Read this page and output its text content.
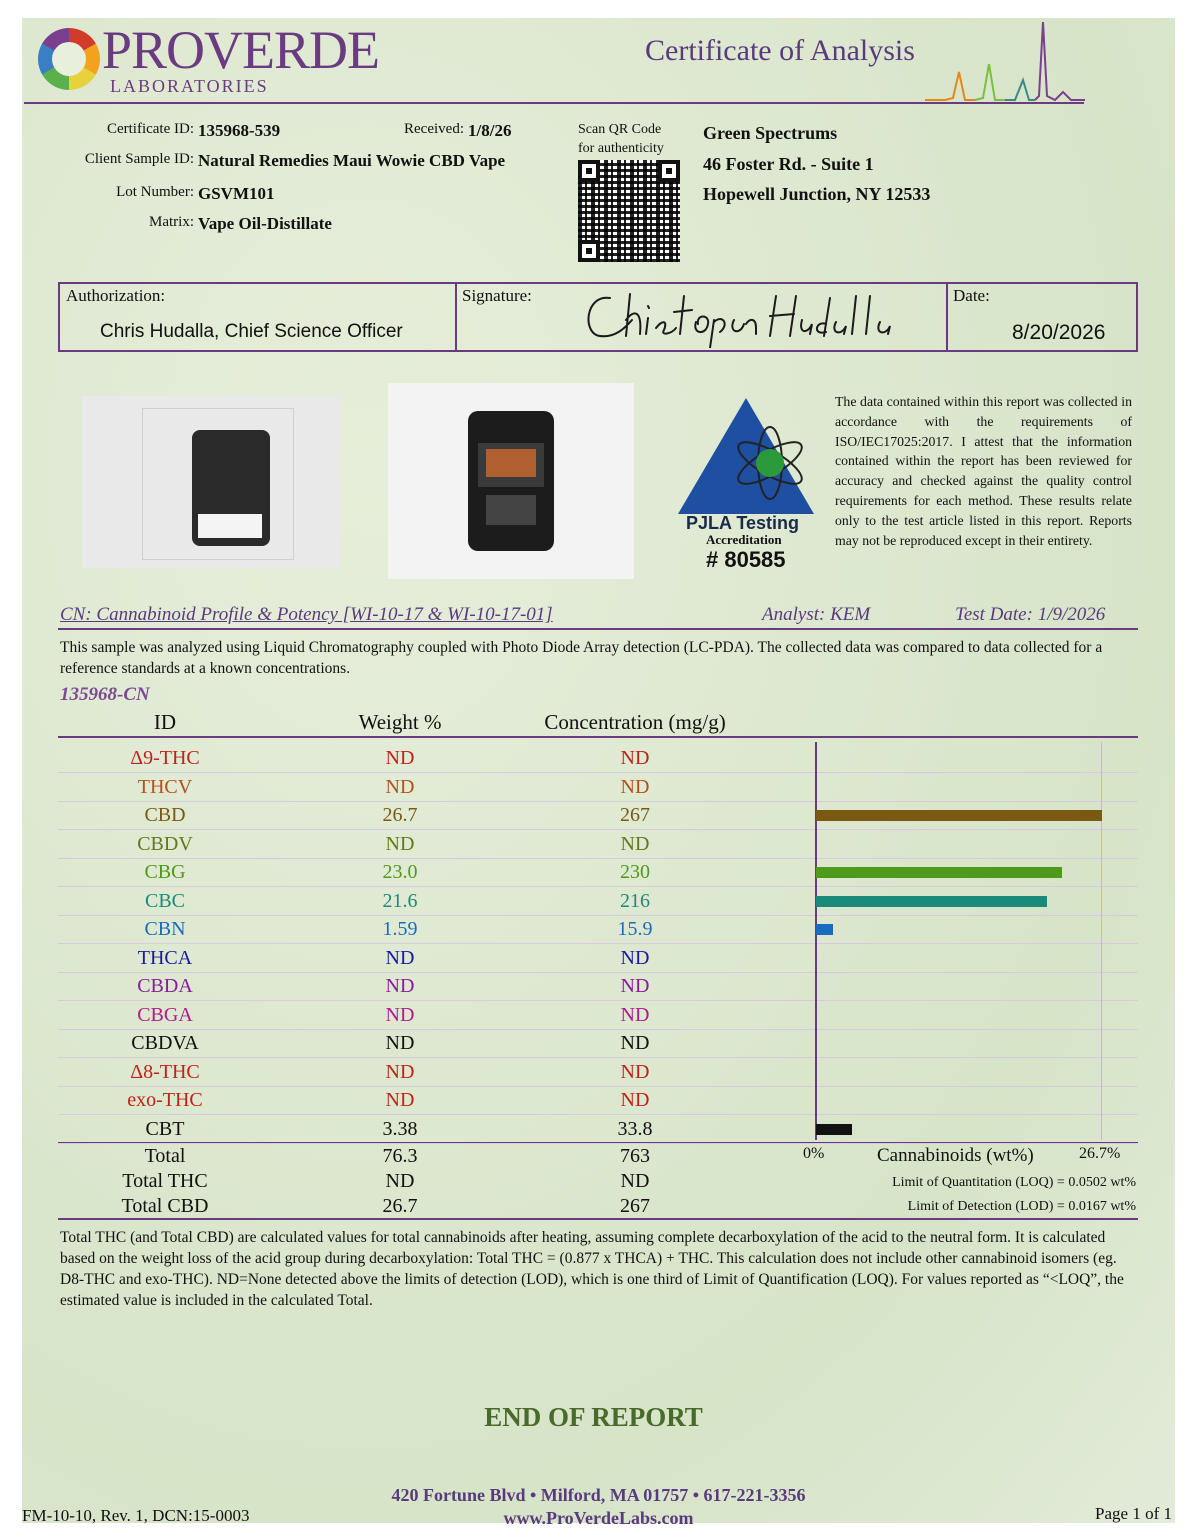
PROVERDE
LABORATORIES
Certificate of Analysis
Certificate ID: 135968-539	Received: 1/8/26
Client Sample ID: Natural Remedies Maui Wowie CBD Vape
Lot Number: GSVM101
Matrix: Vape Oil-Distillate
Scan QR Code
for authenticity
Green Spectrums
46 Foster Rd. - Suite 1
Hopewell Junction, NY 12533
Authorization:
Chris Hudalla, Chief Science Officer
Signature:	Date:
8/20/2026
PJLA Testing
Accreditation
# 80585
The data contained within this report was collected in accordance with the requirements of ISO/IEC17025:2017. I attest that the information contained within the report has been reviewed for accuracy and checked against the quality control requirements for each method. These results relate only to the test article listed in this report. Reports may not be reproduced except in their entirety.
CN: Cannabinoid Profile & Potency [WI-10-17 & WI-10-17-01]	Analyst: KEM	Test Date: 1/9/2026
This sample was analyzed using Liquid Chromatography coupled with Photo Diode Array detection (LC-PDA). The collected data was compared to data collected for a reference standards at a known concentrations.
135968-CN
ID	Weight %	Concentration (mg/g)
Δ9-THC	ND	ND
THCV	ND	ND
CBD	26.7	267
CBDV	ND	ND
CBG	23.0	230
CBC	21.6	216
CBN	1.59	15.9
THCA	ND	ND
CBDA	ND	ND
CBGA	ND	ND
CBDVA	ND	ND
Δ8-THC	ND	ND
exo-THC	ND	ND
CBT	3.38	33.8
Total	76.3	763
Total THC	ND	ND
Total CBD	26.7	267
0%	Cannabinoids (wt%)	26.7%
Limit of Quantitation (LOQ) = 0.0502 wt%
Limit of Detection (LOD) = 0.0167 wt%
Total THC (and Total CBD) are calculated values for total cannabinoids after heating, assuming complete decarboxylation of the acid to the neutral form. It is calculated based on the weight loss of the acid group during decarboxylation: Total THC = (0.877 x THCA) + THC. This calculation does not include other cannabinoid isomers (eg. D8-THC and exo-THC). ND=None detected above the limits of detection (LOD), which is one third of Limit of Quantification (LOQ). For values reported as “<LOQ”, the estimated value is included in the calculated Total.
END OF REPORT
420 Fortune Blvd • Milford, MA 01757 • 617-221-3356
www.ProVerdeLabs.com
FM-10-10, Rev. 1, DCN:15-0003	Page 1 of 1
